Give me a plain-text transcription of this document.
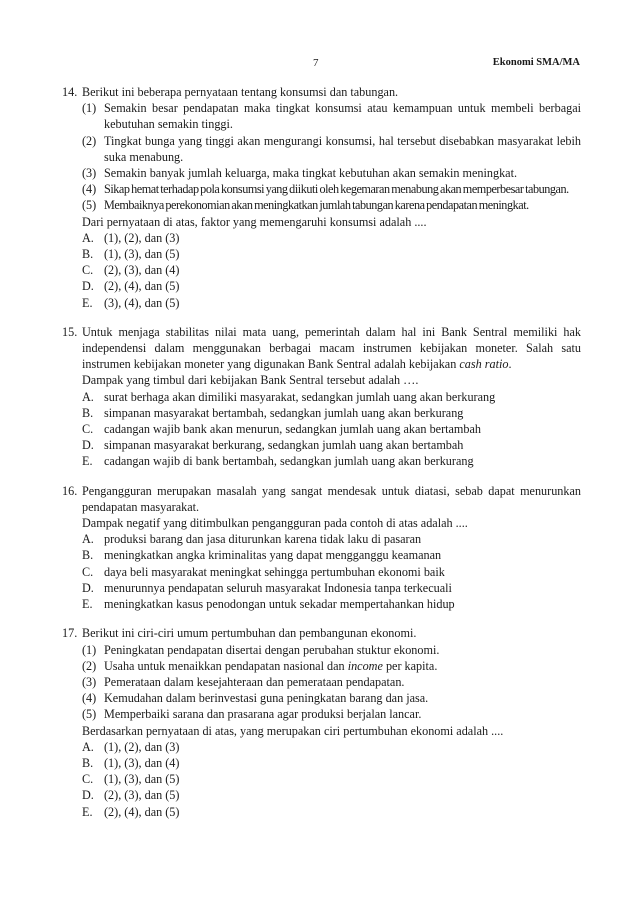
7	Ekonomi SMA/MA
14. Berikut ini beberapa pernyataan tentang konsumsi dan tabungan.
(1) Semakin besar pendapatan maka tingkat konsumsi atau kemampuan untuk membeli berbagai kebutuhan semakin tinggi.
(2) Tingkat bunga yang tinggi akan mengurangi konsumsi, hal tersebut disebabkan masyarakat lebih suka menabung.
(3) Semakin banyak jumlah keluarga, maka tingkat kebutuhan akan semakin meningkat.
(4) Sikap hemat terhadap pola konsumsi yang diikuti oleh kegemaran menabung akan memperbesar tabungan.
(5) Membaiknya perekonomian akan meningkatkan jumlah tabungan karena pendapatan meningkat.
Dari pernyataan di atas, faktor yang memengaruhi konsumsi adalah ....
A. (1), (2), dan (3)
B. (1), (3), dan (5)
C. (2), (3), dan (4)
D. (2), (4), dan (5)
E. (3), (4), dan (5)
15. Untuk menjaga stabilitas nilai mata uang, pemerintah dalam hal ini Bank Sentral memiliki hak independensi dalam menggunakan berbagai macam instrumen kebijakan moneter. Salah satu instrumen kebijakan moneter yang digunakan Bank Sentral adalah kebijakan cash ratio.
Dampak yang timbul dari kebijakan Bank Sentral tersebut adalah ….
A. surat berhaga akan dimiliki masyarakat, sedangkan jumlah uang akan berkurang
B. simpanan masyarakat bertambah, sedangkan jumlah uang akan berkurang
C. cadangan wajib bank akan menurun, sedangkan jumlah uang akan bertambah
D. simpanan masyarakat berkurang, sedangkan jumlah uang akan bertambah
E. cadangan wajib di bank bertambah, sedangkan jumlah uang akan berkurang
16. Pengangguran merupakan masalah yang sangat mendesak untuk diatasi, sebab dapat menurunkan pendapatan masyarakat.
Dampak negatif yang ditimbulkan pengangguran pada contoh di atas adalah ....
A. produksi barang dan jasa diturunkan karena tidak laku di pasaran
B. meningkatkan angka kriminalitas yang dapat mengganggu keamanan
C. daya beli masyarakat meningkat sehingga pertumbuhan ekonomi baik
D. menurunnya pendapatan seluruh masyarakat Indonesia tanpa terkecuali
E. meningkatkan kasus penodongan untuk sekadar mempertahankan hidup
17. Berikut ini ciri-ciri umum pertumbuhan dan pembangunan ekonomi.
(1) Peningkatan pendapatan disertai dengan perubahan stuktur ekonomi.
(2) Usaha untuk menaikkan pendapatan nasional dan income per kapita.
(3) Pemerataan dalam kesejahteraan dan pemerataan pendapatan.
(4) Kemudahan dalam berinvestasi guna peningkatan barang dan jasa.
(5) Memperbaiki sarana dan prasarana agar produksi berjalan lancar.
Berdasarkan pernyataan di atas, yang merupakan ciri pertumbuhan ekonomi adalah ....
A. (1), (2), dan (3)
B. (1), (3), dan (4)
C. (1), (3), dan (5)
D. (2), (3), dan (5)
E. (2), (4), dan (5)
